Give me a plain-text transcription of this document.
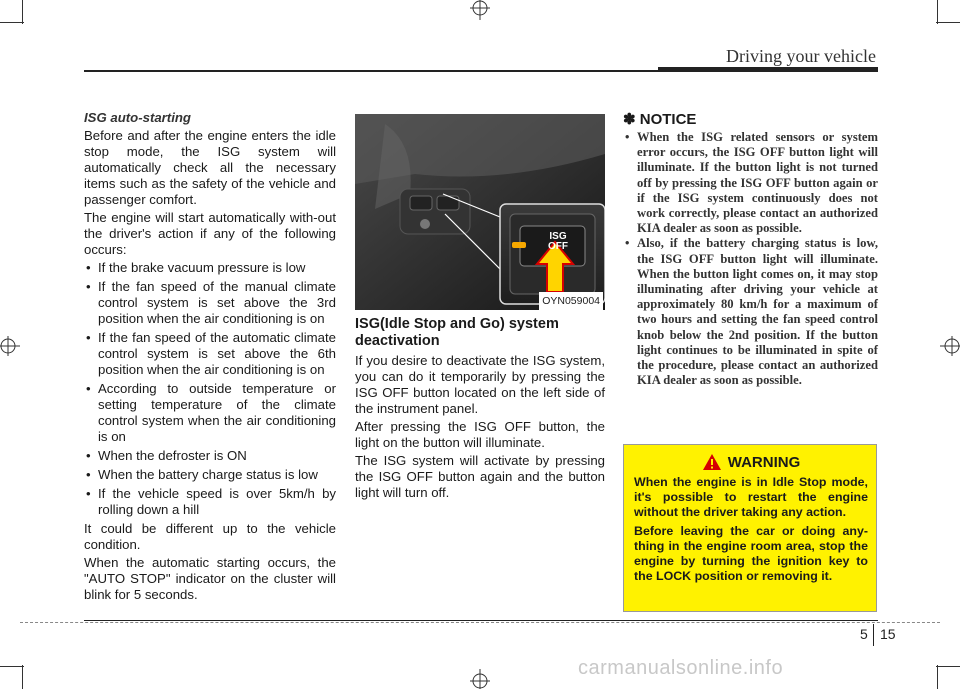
Driving your vehicle
ISG auto-starting

Before and after the engine enters the idle stop mode, the ISG system will automatically check all the necessary items such as the safety of the vehicle and passenger comfort.

The engine will start automatically with-out the driver's action if any of the following occurs:

• If the brake vacuum pressure is low
• If the fan speed of the manual climate control system is set above the 3rd position when the air conditioning is on
• If the fan speed of the automatic climate control system is set above the 6th position when the air conditioning is on
• According to outside temperature or setting temperature of the climate control system when the air conditioning is on
• When the defroster is ON
• When the battery charge status is low
• If the vehicle speed is over 5km/h by rolling down a hill

It could be different up to the vehicle condition.

When the automatic starting occurs, the "AUTO STOP" indicator on the cluster will blink for 5 seconds.

ISG
OFF
OYN059004
ISG(Idle Stop and Go) system deactivation

If you desire to deactivate the ISG system, you can do it temporarily by pressing the ISG OFF button located on the left side of the instrument panel.

After pressing the ISG OFF button, the light on the button will illuminate.

The ISG system will activate by pressing the ISG OFF button again and the button light will turn off.

✽ NOTICE
• When the ISG related sensors or system error occurs, the ISG OFF button light will illuminate. If the button light is not turned off by pressing the ISG OFF button again or if the ISG system continuously does not work correctly, please contact an authorized KIA dealer as soon as possible.
• Also, if the battery charging status is low, the ISG OFF button light will illuminate. When the button light comes on, it may stop illuminating after driving your vehicle at approximately 80 km/h for a maximum of two hours and setting the fan speed control knob below the 2nd position. If the button light continues to be illuminated in spite of the procedure, please contact an authorized KIA dealer as soon as possible.
WARNING

When the engine is in Idle Stop mode, it's possible to restart the engine without the driver taking any action.

Before leaving the car or doing any-thing in the engine room area, stop the engine by turning the ignition key to the LOCK position or removing it.

5 15
carmanualsonline.info
